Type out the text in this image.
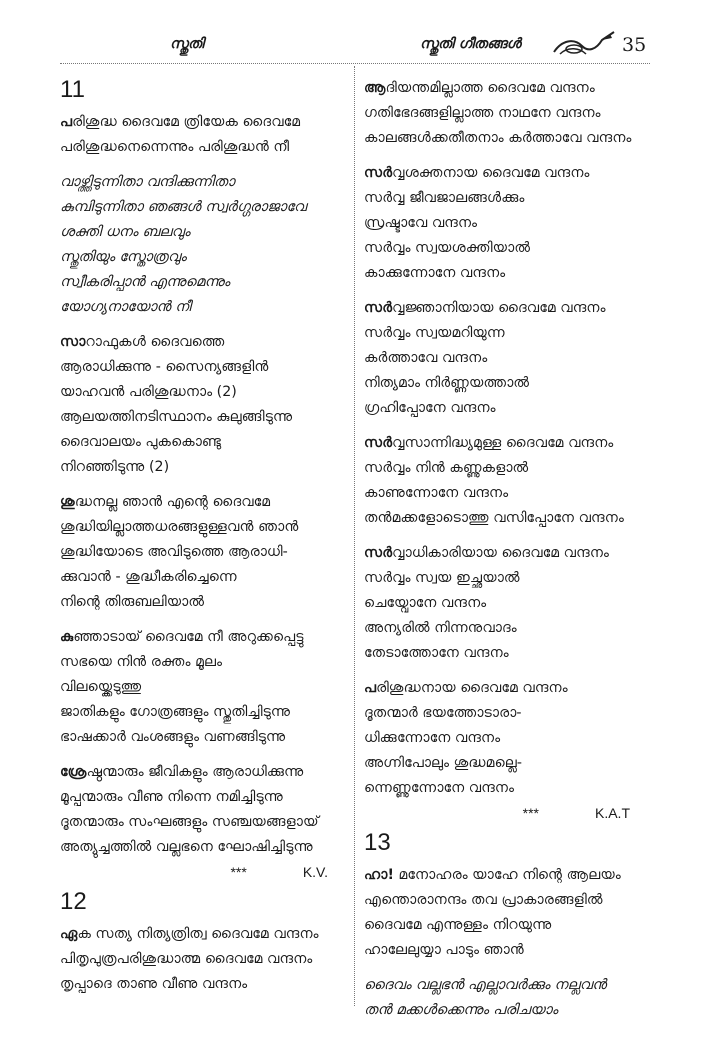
സ്തുതി	സ്തുതി ഗീതങ്ങൾ	35
11
പരിശുദ്ധ ദൈവമേ ത്രിയേക ദൈവമേ
പരിശുദ്ധനെന്നെന്നും പരിശുദ്ധൻ നീ
വാഴ്ത്തിടുന്നിതാ വന്ദിക്കുന്നിതാ
കുമ്പിടുന്നിതാ ഞങ്ങൾ സ്വർഗ്ഗരാജാവേ
ശക്തി ധനം ബലവും
സ്തുതിയും സ്തോത്രവും
സ്വീകരിപ്പാൻ എന്നുമെന്നും
യോഗ്യനായോൻ നീ
സാറാഫുകൾ ദൈവത്തെ
ആരാധിക്കുന്നു - സൈന്യങ്ങളിൻ
യാഹവൻ പരിശുദ്ധനാം (2)
ആലയത്തിനടിസ്ഥാനം കുലുങ്ങിടുന്നു
ദൈവാലയം പുകകൊണ്ടു
നിറഞ്ഞിടുന്നു (2)
ശുദ്ധനല്ല ഞാൻ എന്റെ ദൈവമേ
ശുദ്ധിയില്ലാത്തധരങ്ങളുള്ളവൻ ഞാൻ
ശുദ്ധിയോടെ അവിടുത്തെ ആരാധി-
ക്കുവാൻ - ശുദ്ധീകരിച്ചെന്നെ
നിന്റെ തിരുബലിയാൽ
കുഞ്ഞാടായ് ദൈവമേ നീ അറുക്കപ്പെട്ടു
സഭയെ നിൻ രക്തം മൂലം
വിലയ്ക്കെടുത്തു
ജാതികളും ഗോത്രങ്ങളും സ്തുതിച്ചിടുന്നു
ഭാഷക്കാർ വംശങ്ങളും വണങ്ങിടുന്നു
ശ്രേഷ്ഠന്മാരും ജീവികളും ആരാധിക്കുന്നു
മൂപ്പന്മാരും വീണു നിന്നെ നമിച്ചിടുന്നു
ദൂതന്മാരും സംഘങ്ങളും സഞ്ചയങ്ങളായ്
അത്യുച്ചത്തിൽ വല്ലഭനെ ഘോഷിച്ചിടുന്നു
***	K.V.
12
ഏക സത്യ നിത്യത്രിത്വ ദൈവമേ വന്ദനം
പിതൃപുത്രപരിശുദ്ധാത്മ ദൈവമേ വന്ദനം
തൃപ്പാദെ താണു വീണു വന്ദനം
ആദിയന്തമില്ലാത്ത ദൈവമേ വന്ദനം
ഗതിഭേദങ്ങളില്ലാത്ത നാഥനേ വന്ദനം
കാലങ്ങൾക്കതീതനാം കർത്താവേ വന്ദനം
സർവ്വശക്തനായ ദൈവമേ വന്ദനം
സർവ്വ ജീവജാലങ്ങൾക്കും
സ്രഷ്ടാവേ വന്ദനം
സർവ്വം സ്വയശക്തിയാൽ
കാക്കുന്നോനേ വന്ദനം
സർവ്വജ്ഞാനിയായ ദൈവമേ വന്ദനം
സർവ്വം സ്വയമറിയുന്ന
കർത്താവേ വന്ദനം
നിത്യമാം നിർണ്ണയത്താൽ
ഗ്രഹിപ്പോനേ വന്ദനം
സർവ്വസാന്നിദ്ധ്യമുള്ള ദൈവമേ വന്ദനം
സർവ്വം നിൻ കണ്ണുകളാൽ
കാണുന്നോനേ വന്ദനം
തൻമക്കളോടൊത്തു വസിപ്പോനേ വന്ദനം
സർവ്വാധികാരിയായ ദൈവമേ വന്ദനം
സർവ്വം സ്വയ ഇച്ഛയാൽ
ചെയ്വോനേ വന്ദനം
അന്യരിൽ നിന്നനുവാദം
തേടാത്തോനേ വന്ദനം
പരിശുദ്ധനായ ദൈവമേ വന്ദനം
ദൂതന്മാർ ഭയത്തോടാരാ-
ധിക്കുന്നോനേ വന്ദനം
അഗ്നിപോലും ശുദ്ധമല്ലെ-
ന്നെണ്ണുന്നോനേ വന്ദനം
***	K.A.T
13
ഹാ! മനോഹരം യാഹേ നിന്റെ ആലയം
എന്തൊരാനന്ദം തവ പ്രാകാരങ്ങളിൽ
ദൈവമേ എന്നുള്ളം നിറയുന്നു
ഹാലേലുയ്യാ പാടും ഞാൻ
ദൈവം വല്ലഭൻ എല്ലാവർക്കും നല്ലവൻ
തൻ മക്കൾക്കെന്നും പരിചയാം
